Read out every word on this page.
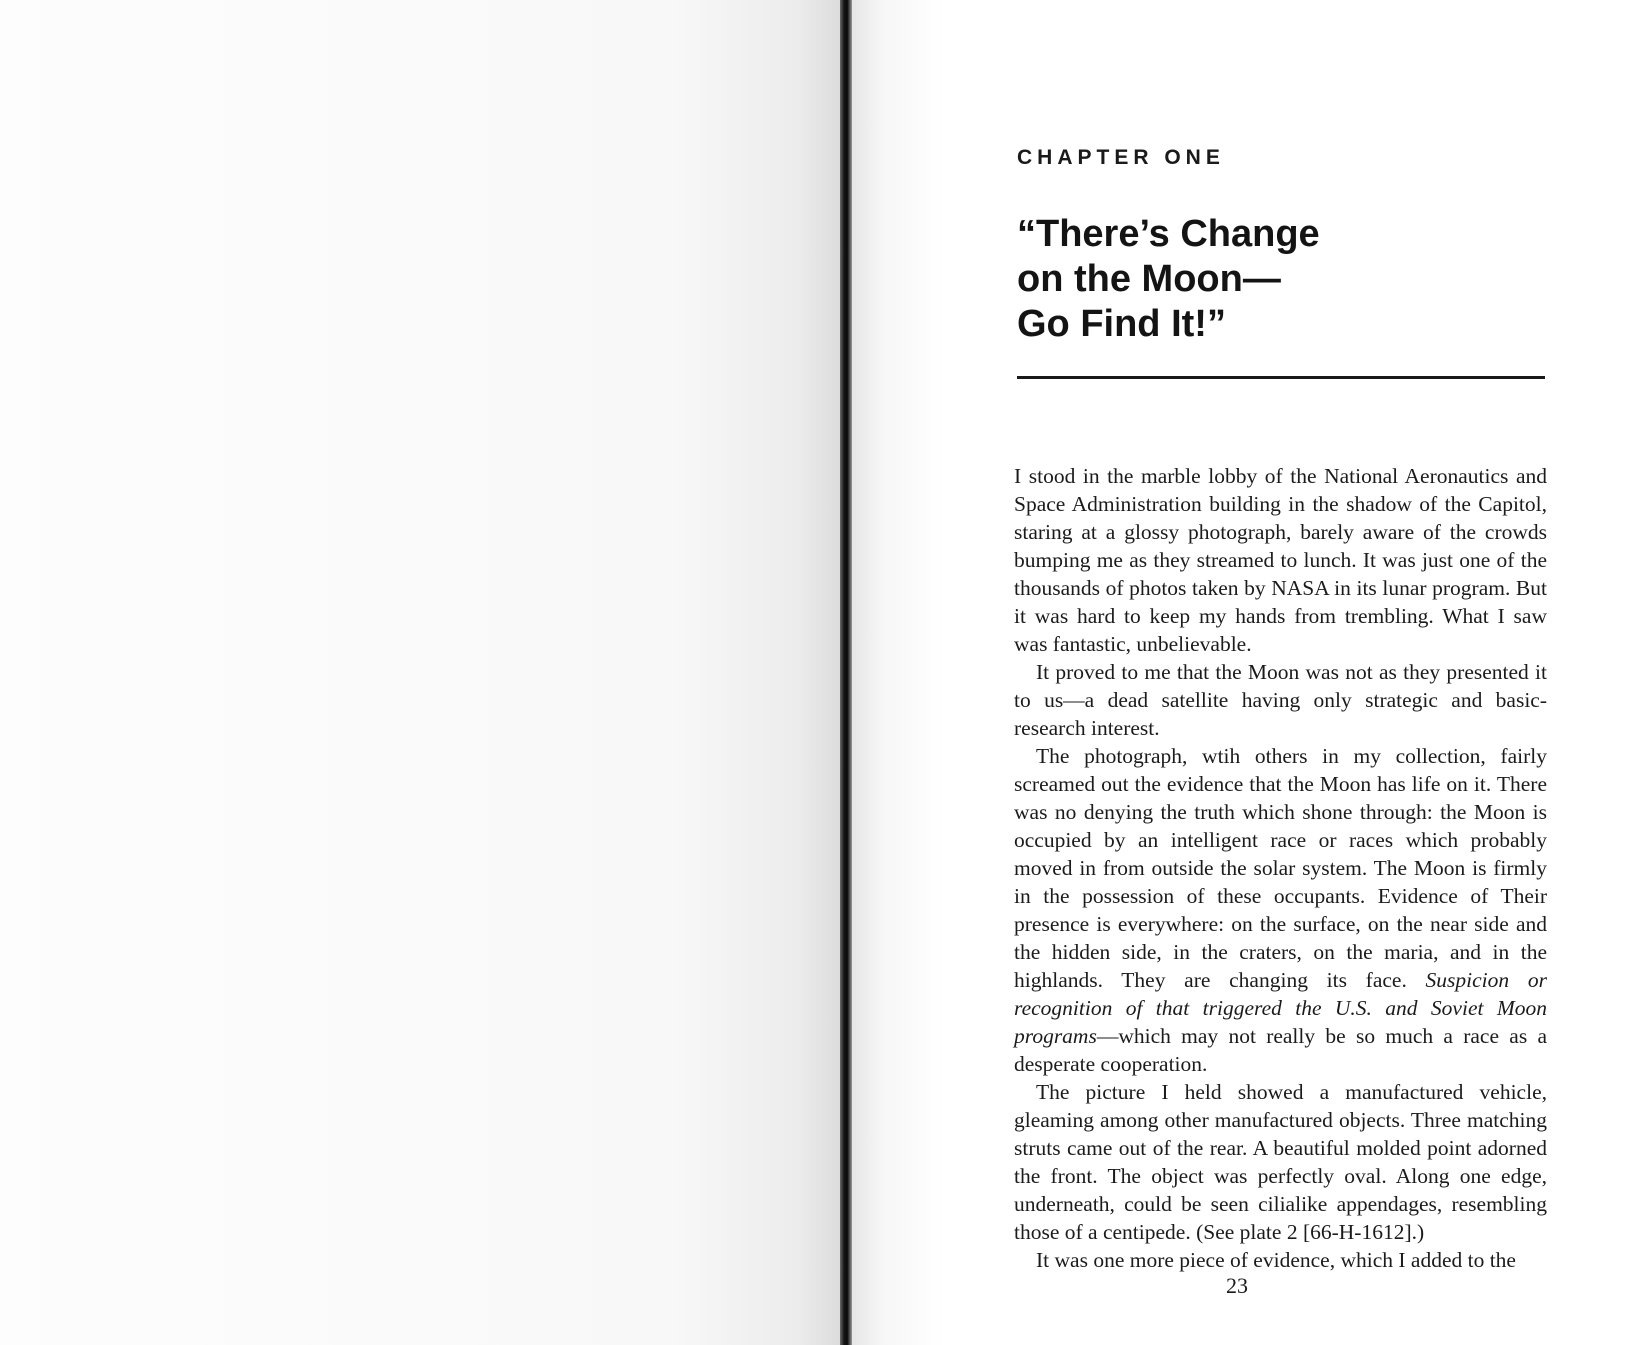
CHAPTER ONE
“There’s Change
on the Moon—
Go Find It!”

I stood in the marble lobby of the National Aeronautics and Space Administration building in the shadow of the Capitol, staring at a glossy photograph, barely aware of the crowds bumping me as they streamed to lunch. It was just one of the thousands of photos taken by NASA in its lunar program. But it was hard to keep my hands from trembling. What I saw was fantastic, unbelievable.

It proved to me that the Moon was not as they presented it to us—a dead satellite having only strategic and basic-research interest.

The photograph, wtih others in my collection, fairly screamed out the evidence that the Moon has life on it. There was no denying the truth which shone through: the Moon is occupied by an intelligent race or races which probably moved in from outside the solar system. The Moon is firmly in the possession of these occupants. Evidence of Their presence is everywhere: on the surface, on the near side and the hidden side, in the craters, on the maria, and in the highlands. They are changing its face. Suspicion or recognition of that triggered the U.S. and Soviet Moon programs—which may not really be so much a race as a desperate cooperation.

The picture I held showed a manufactured vehicle, gleaming among other manufactured objects. Three matching struts came out of the rear. A beautiful molded point adorned the front. The object was perfectly oval. Along one edge, underneath, could be seen cilialike appendages, resembling those of a centipede. (See plate 2 [66-H-1612].)

It was one more piece of evidence, which I added to the

23
